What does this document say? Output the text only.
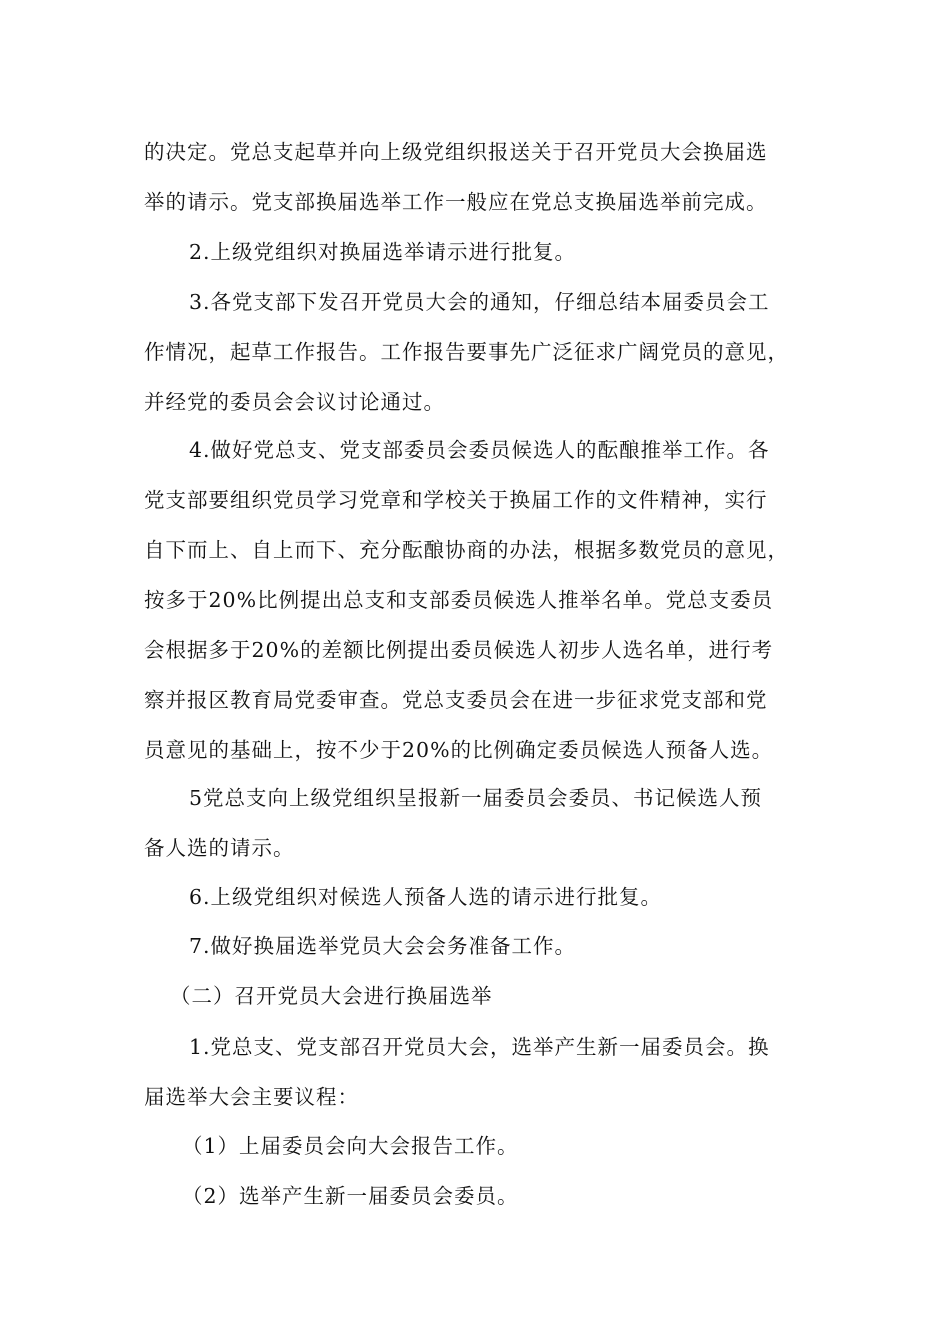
的决定。党总支起草并向上级党组织报送关于召开党员大会换届选
举的请示。党支部换届选举工作一般应在党总支换届选举前完成。
2.上级党组织对换届选举请示进行批复。
3.各党支部下发召开党员大会的通知，仔细总结本届委员会工
作情况，起草工作报告。工作报告要事先广泛征求广阔党员的意见，
并经党的委员会会议讨论通过。
4.做好党总支、党支部委员会委员候选人的酝酿推举工作。各
党支部要组织党员学习党章和学校关于换届工作的文件精神，实行
自下而上、自上而下、充分酝酿协商的办法，根据多数党员的意见，
按多于20%比例提出总支和支部委员候选人推举名单。党总支委员
会根据多于20%的差额比例提出委员候选人初步人选名单，进行考
察并报区教育局党委审查。党总支委员会在进一步征求党支部和党
员意见的基础上，按不少于20%的比例确定委员候选人预备人选。
5党总支向上级党组织呈报新一届委员会委员、书记候选人预
备人选的请示。
6.上级党组织对候选人预备人选的请示进行批复。
7.做好换届选举党员大会会务准备工作。
（二）召开党员大会进行换届选举
1.党总支、党支部召开党员大会，选举产生新一届委员会。换
届选举大会主要议程：
（1）上届委员会向大会报告工作。
（2）选举产生新一届委员会委员。
